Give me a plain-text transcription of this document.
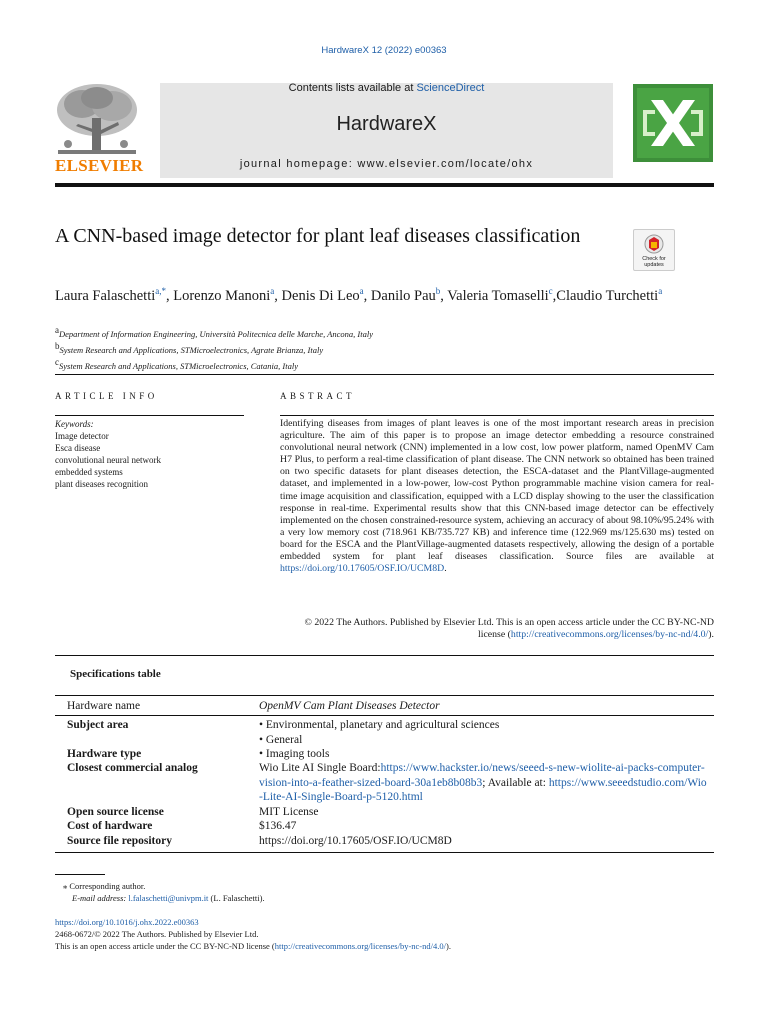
HardwareX 12 (2022) e00363
Contents lists available at ScienceDirect
HardwareX
journal homepage: www.elsevier.com/locate/ohx
ELSEVIER
A CNN-based image detector for plant leaf diseases classification
Check for updates
Laura Falaschetti$^{a,*}$, Lorenzo Manoni$^a$, Denis Di Leo$^a$, Danilo Pau$^b$, Valeria Tomaselli$^c$,Claudio Turchetti$^a$
$^a$Department of Information Engineering, Università Politecnica delle Marche, Ancona, Italy
$^b$System Research and Applications, STMicroelectronics, Agrate Brianza, Italy
$^c$System Research and Applications, STMicroelectronics, Catania, Italy
ARTICLE INFO	ABSTRACT
Keywords:
Image detector
Esca disease
convolutional neural network
embedded systems
plant diseases recognition
Identifying diseases from images of plant leaves is one of the most important research areas in precision agriculture. The aim of this paper is to propose an image detector embedding a resource constrained convolutional neural network (CNN) implemented in a low cost, low power platform, named OpenMV Cam H7 Plus, to perform a real-time classification of plant disease. The CNN network so obtained has been trained on two specific datasets for plant diseases detection, the ESCA-dataset and the PlantVillage-augmented dataset, and implemented in a low-power, low-cost Python programmable machine vision camera for real-time image acquisition and classification, equipped with a LCD display showing to the user the classification response in real-time. Experimental results show that this CNN-based image detector can be effectively implemented on the chosen constrained-resource system, achieving an accuracy of about 98.10%/95.24% with a very low memory cost (718.961 KB/735.727 KB) and inference time (122.969 ms/125.630 ms) tested on board for the ESCA and the PlantVillage-augmented datasets respectively, allowing the design of a portable embedded system for plant leaf diseases classification. Source files are available at https://doi.org/10.17605/OSF.IO/UCM8D.
© 2022 The Authors. Published by Elsevier Ltd. This is an open access article under the CC BY-NC-ND license (http://creativecommons.org/licenses/by-nc-nd/4.0/).
Specifications table
Hardware name	OpenMV Cam Plant Diseases Detector
Subject area	• Environmental, planetary and agricultural sciences
• General
Hardware type	• Imaging tools
Closest commercial analog	Wio Lite AI Single Board:https://www.hackster.io/news/seeed-s-new-wiolite-ai-packs-computer-vision-into-a-feather-sized-board-30a1eb8b08b3; Available at: https://www.seeedstudio.com/Wio-Lite-AI-Single-Board-p-5120.html
Open source license	MIT License
Cost of hardware	$136.47
Source file repository	https://doi.org/10.17605/OSF.IO/UCM8D
⁎ Corresponding author.
E-mail address: l.falaschetti@univpm.it (L. Falaschetti).
https://doi.org/10.1016/j.ohx.2022.e00363
2468-0672/© 2022 The Authors. Published by Elsevier Ltd.
This is an open access article under the CC BY-NC-ND license (http://creativecommons.org/licenses/by-nc-nd/4.0/).
